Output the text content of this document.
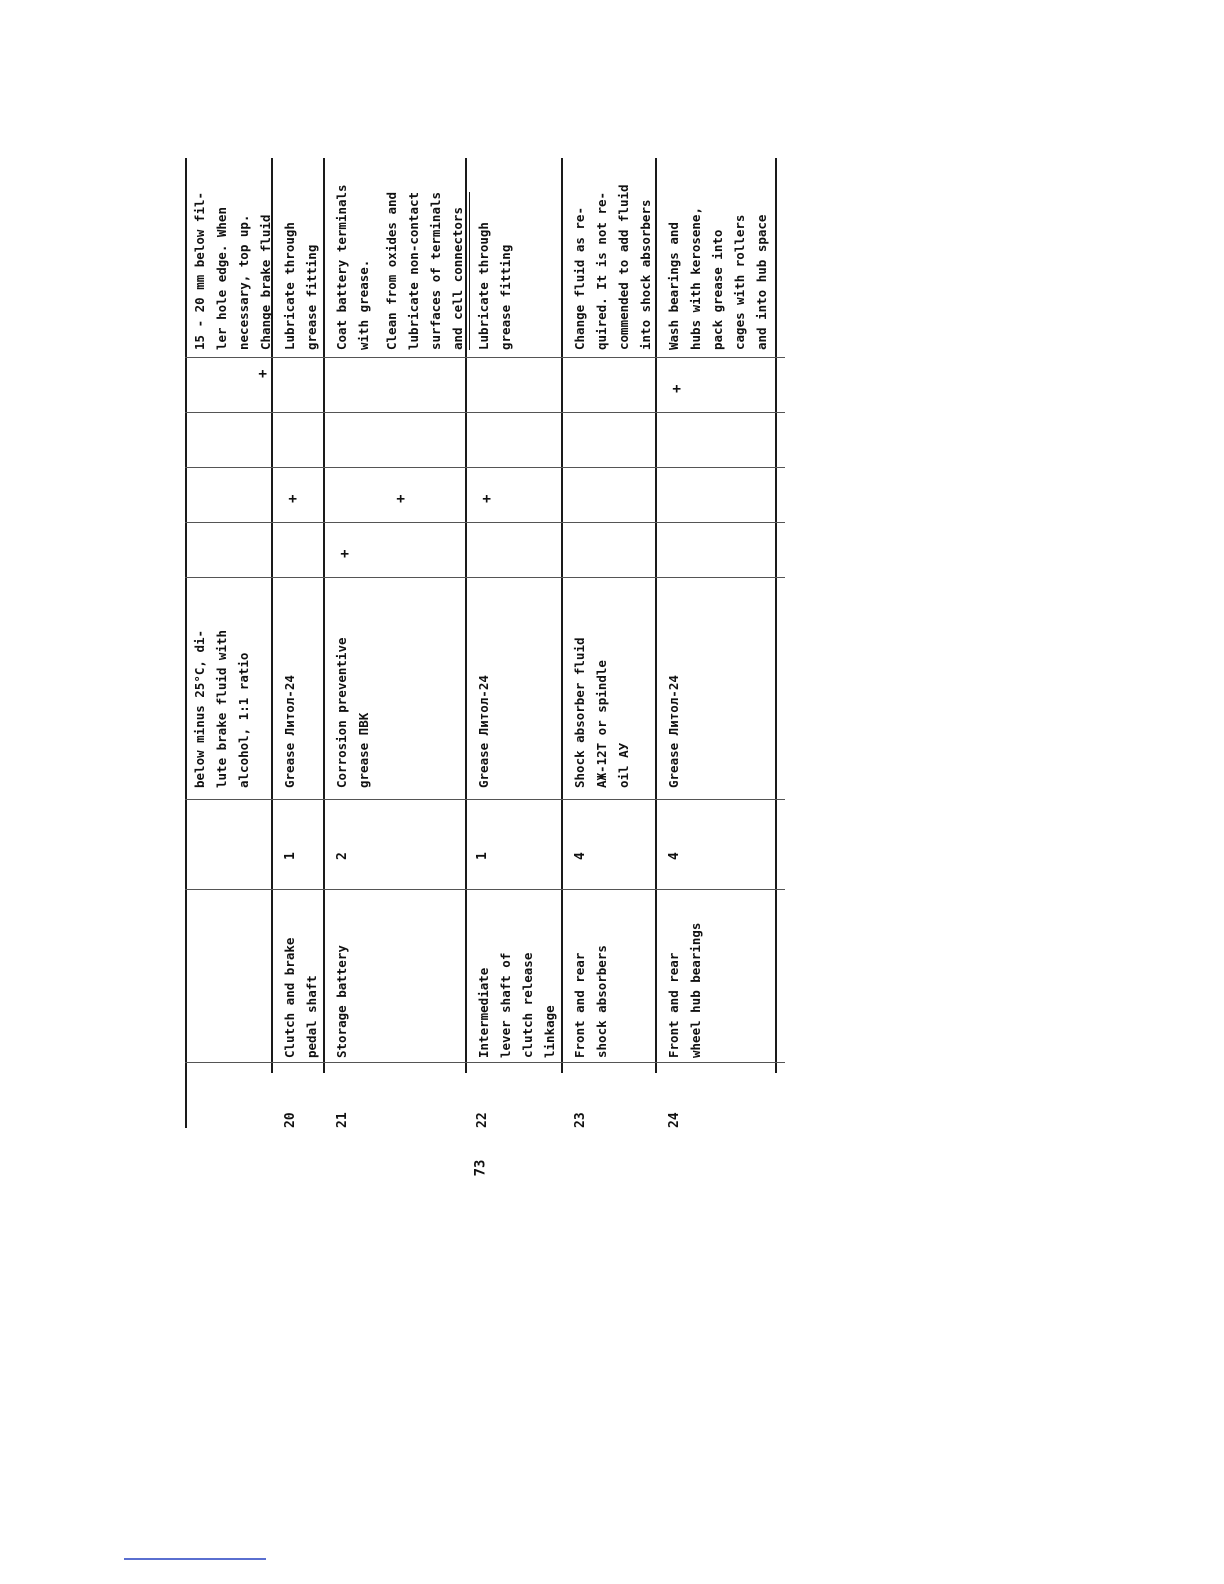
below minus 25°C, di-
lute brake fluid with
alcohol, 1:1 ratio
15 - 20 mm below fil-
ler hole edge. When
necessary, top up.
Change brake fluid
+
20
Clutch and brake
pedal shaft
1
Grease Литол-24
+
Lubricate through
grease fitting
21
Storage battery
2
Corrosion preventive
grease ПВК
+
+
Coat battery terminals
with grease.
Clean from oxides and
lubricate non-contact
surfaces of terminals
and cell connectors
22
Intermediate
lever shaft of
clutch release
linkage
1
Grease Литол-24
+
Lubricate through
grease fitting
23
Front and rear
shock absorbers
4
Shock absorber fluid
АЖ-12Т or spindle
oil АУ
Change fluid as re-
quired. It is not re-
commended to add fluid
into shock absorbers
24
Front and rear
wheel hub bearings
4
Grease Литол-24
+
Wash bearings and
hubs with kerosene,
pack grease into
cages with rollers
and into hub space
73
